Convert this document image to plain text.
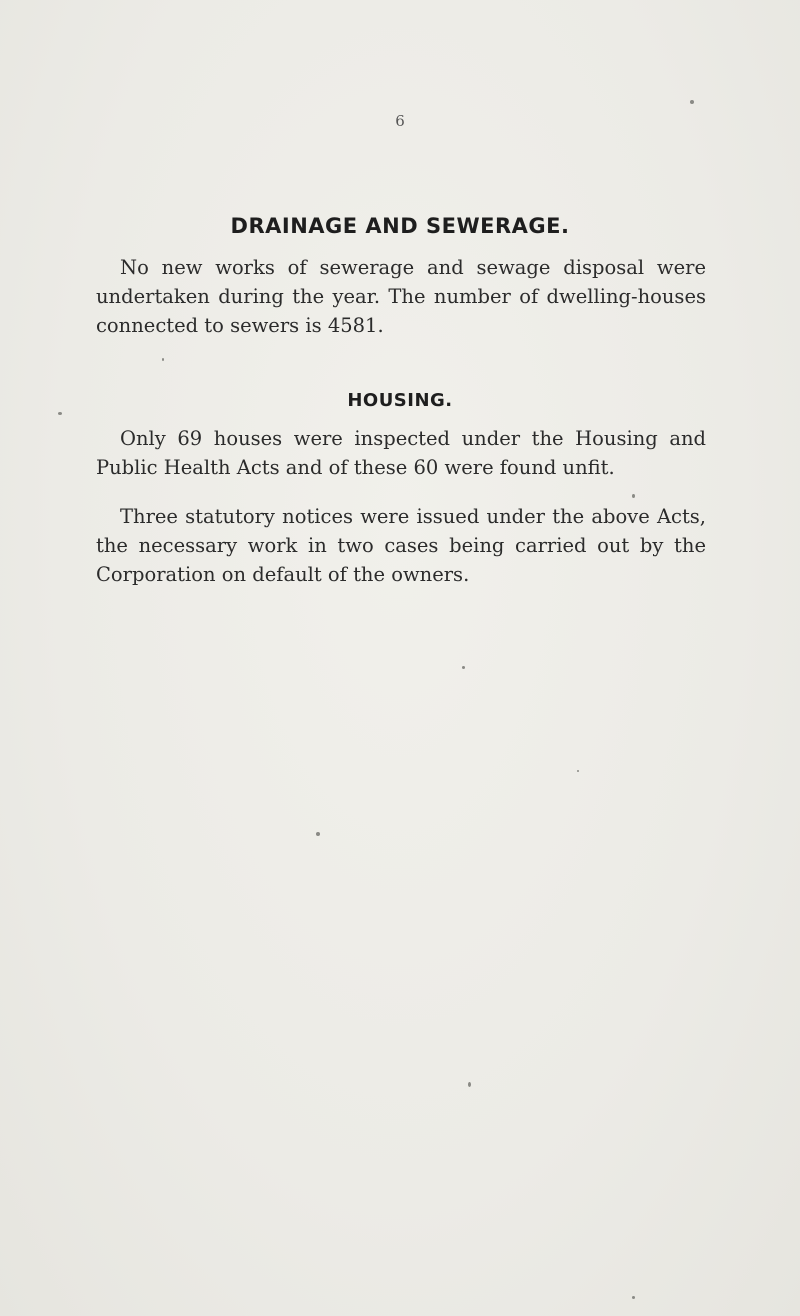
6
DRAINAGE AND SEWERAGE.

No new works of sewerage and sewage disposal were undertaken during the year. The number of dwelling-houses connected to sewers is 4581.

HOUSING.

Only 69 houses were inspected under the Housing and Public Health Acts and of these 60 were found unfit.

Three statutory notices were issued under the above Acts, the necessary work in two cases being carried out by the Corporation on default of the owners.
